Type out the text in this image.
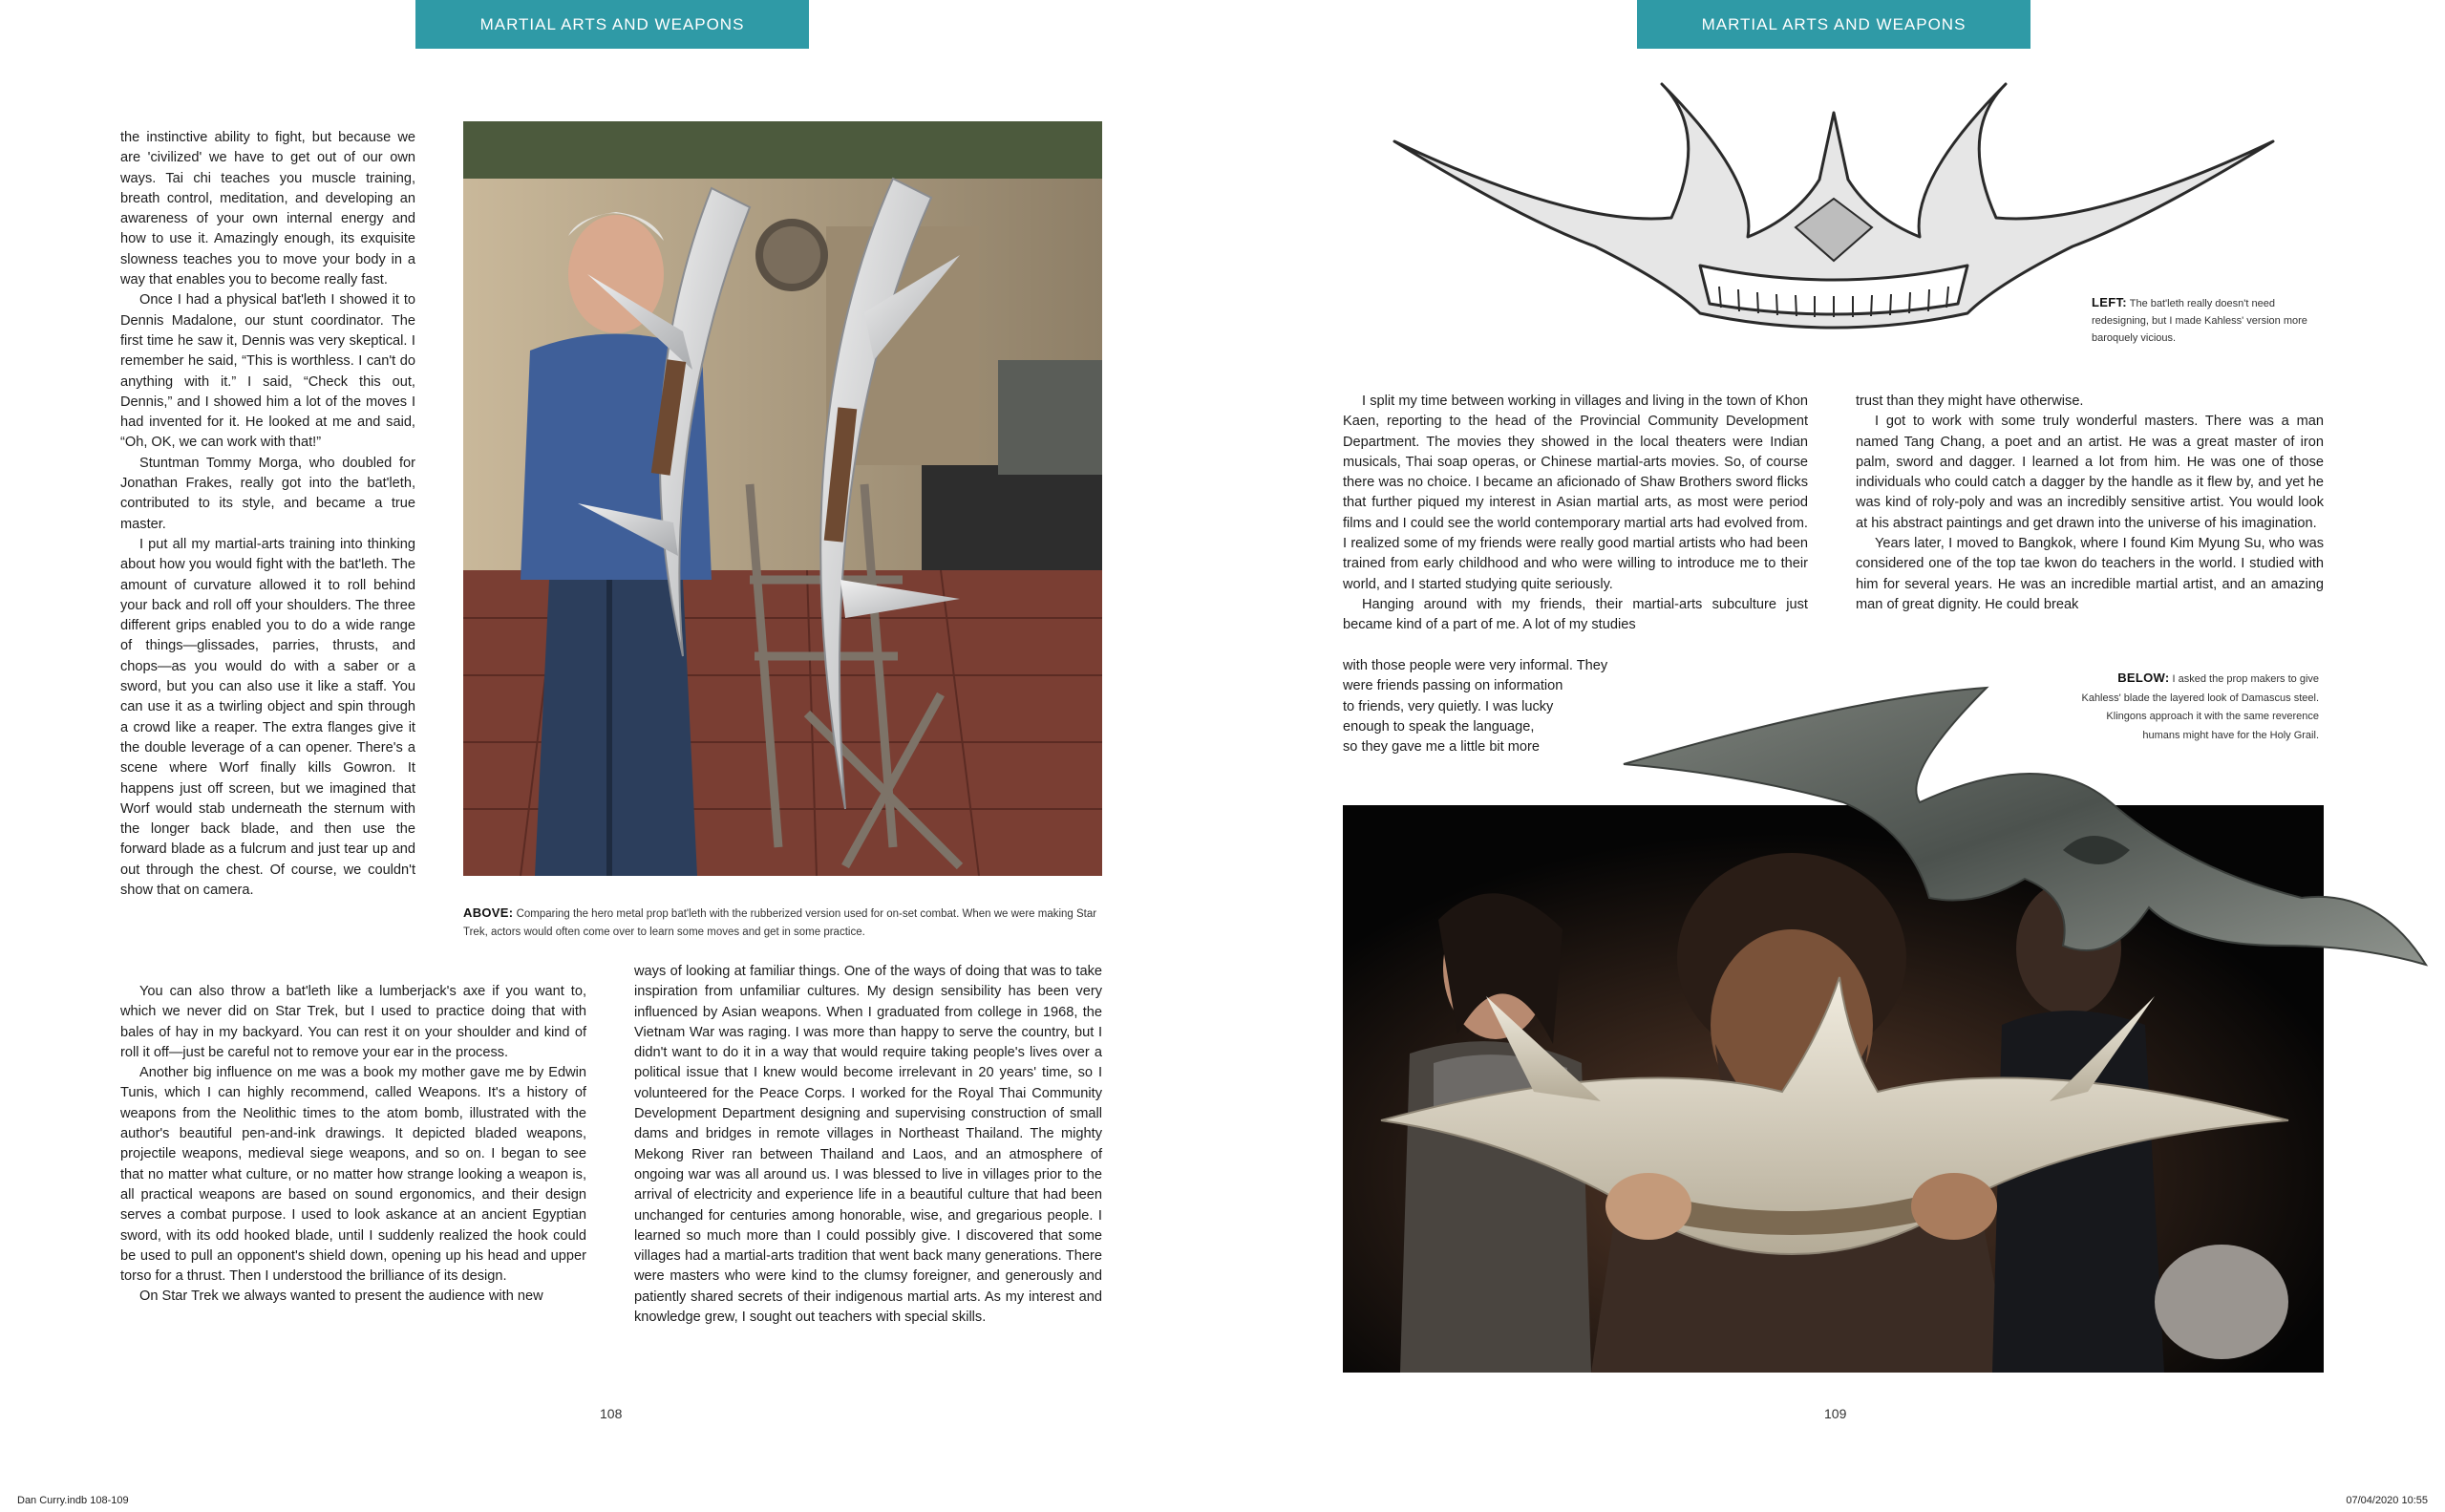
MARTIAL ARTS AND WEAPONS

the instinctive ability to fight, but because we are 'civilized' we have to get out of our own ways. Tai chi teaches you muscle training, breath control, meditation, and developing an awareness of your own internal energy and how to use it. Amazingly enough, its exquisite slowness teaches you to move your body in a way that enables you to become really fast.

Once I had a physical bat'leth I showed it to Dennis Madalone, our stunt coordinator. The first time he saw it, Dennis was very skeptical. I remember he said, “This is worthless. I can't do anything with it.” I said, “Check this out, Dennis,” and I showed him a lot of the moves I had invented for it. He looked at me and said, “Oh, OK, we can work with that!”

Stuntman Tommy Morga, who doubled for Jonathan Frakes, really got into the bat'leth, contributed to its style, and became a true master.

I put all my martial-arts training into thinking about how you would fight with the bat'leth. The amount of curvature allowed it to roll behind your back and roll off your shoulders. The three different grips enabled you to do a wide range of things—glissades, parries, thrusts, and chops—as you would do with a saber or a sword, but you can also use it like a staff. You can use it as a twirling object and spin through a crowd like a reaper. The extra flanges give it the double leverage of a can opener. There's a scene where Worf finally kills Gowron. It happens just off screen, but we imagined that Worf would stab underneath the sternum with the longer back blade, and then use the forward blade as a fulcrum and just tear up and out through the chest. Of course, we couldn't show that on camera.

You can also throw a bat'leth like a lumberjack's axe if you want to, which we never did on Star Trek, but I used to practice doing that with bales of hay in my backyard. You can rest it on your shoulder and kind of roll it off—just be careful not to remove your ear in the process.

Another big influence on me was a book my mother gave me by Edwin Tunis, which I can highly recommend, called Weapons. It's a history of weapons from the Neolithic times to the atom bomb, illustrated with the author's beautiful pen-and-ink drawings. It depicted bladed weapons, projectile weapons, medieval siege weapons, and so on. I began to see that no matter what culture, or no matter how strange looking a weapon is, all practical weapons are based on sound ergonomics, and their design serves a combat purpose. I used to look askance at an ancient Egyptian sword, with its odd hooked blade, until I suddenly realized the hook could be used to pull an opponent's shield down, opening up his head and upper torso for a thrust. Then I understood the brilliance of its design.

On Star Trek we always wanted to present the audience with new

ways of looking at familiar things. One of the ways of doing that was to take inspiration from unfamiliar cultures. My design sensibility has been very influenced by Asian weapons. When I graduated from college in 1968, the Vietnam War was raging. I was more than happy to serve the country, but I didn't want to do it in a way that would require taking people's lives over a political issue that I knew would become irrelevant in 20 years' time, so I volunteered for the Peace Corps. I worked for the Royal Thai Community Development Department designing and supervising construction of small dams and bridges in remote villages in Northeast Thailand. The mighty Mekong River ran between Thailand and Laos, and an atmosphere of ongoing war was all around us. I was blessed to live in villages prior to the arrival of electricity and experience life in a beautiful culture that had been unchanged for centuries among honorable, wise, and gregarious people. I learned so much more than I could possibly give. I discovered that some villages had a martial-arts tradition that went back many generations. There were masters who were kind to the clumsy foreigner, and generously and patiently shared secrets of their indigenous martial arts. As my interest and knowledge grew, I sought out teachers with special skills.

ABOVE: Comparing the hero metal prop bat'leth with the rubberized version used for on-set combat. When we were making Star Trek, actors would often come over to learn some moves and get in some practice.
108
Dan Curry.indb 108-109
MARTIAL ARTS AND WEAPONS
LEFT: The bat'leth really doesn't need redesigning, but I made Kahless' version more baroquely vicious.

I split my time between working in villages and living in the town of Khon Kaen, reporting to the head of the Provincial Community Development Department. The movies they showed in the local theaters were Indian musicals, Thai soap operas, or Chinese martial-arts movies. So, of course there was no choice. I became an aficionado of Shaw Brothers sword flicks that further piqued my interest in Asian martial arts, as most were period films and I could see the world contemporary martial arts had evolved from. I realized some of my friends were really good martial artists who had been trained from early childhood and who were willing to introduce me to their world, and I started studying quite seriously.

Hanging around with my friends, their martial-arts subculture just became kind of a part of me. A lot of my studies

with those people were very informal. They

were friends passing on information

to friends, very quietly. I was lucky

enough to speak the language,

so they gave me a little bit more

trust than they might have otherwise.

I got to work with some truly wonderful masters. There was a man named Tang Chang, a poet and an artist. He was a great master of iron palm, sword and dagger. I learned a lot from him. He was one of those individuals who could catch a dagger by the handle as it flew by, and yet he was kind of roly-poly and was an incredibly sensitive artist. You would look at his abstract paintings and get drawn into the universe of his imagination.

Years later, I moved to Bangkok, where I found Kim Myung Su, who was considered one of the top tae kwon do teachers in the world. I studied with him for several years. He was an incredible martial artist, and an amazing man of great dignity. He could break

BELOW: I asked the prop makers to give Kahless' blade the layered look of Damascus steel. Klingons approach it with the same reverence humans might have for the Holy Grail.
109
07/04/2020 10:55
